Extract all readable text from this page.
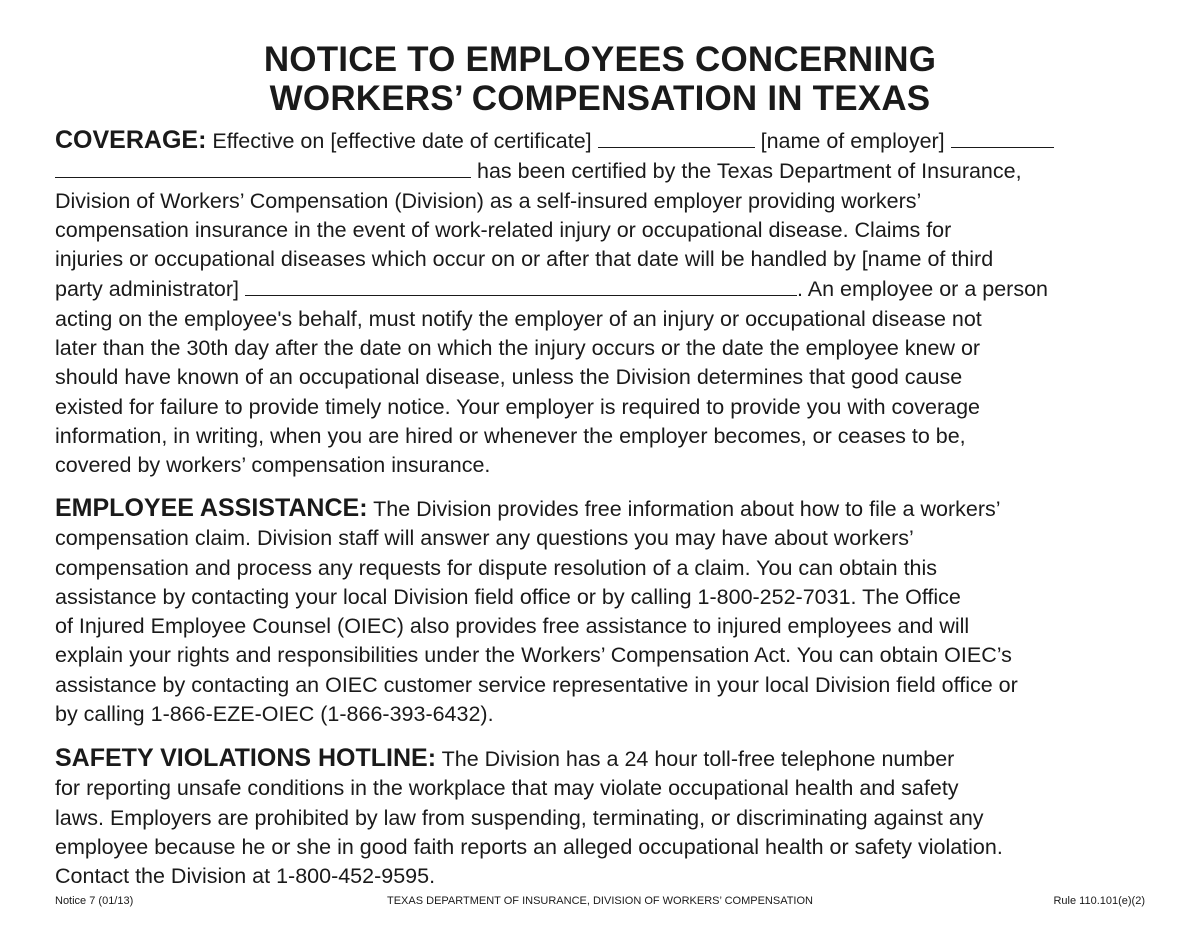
NOTICE TO EMPLOYEES CONCERNING
WORKERS’ COMPENSATION IN TEXAS

COVERAGE: Effective on [effective date of certificate]	[name of employer]
has been certified by the Texas Department of Insurance,
Division of Workers’ Compensation (Division) as a self-insured employer providing workers’
compensation insurance in the event of work-related injury or occupational disease. Claims for
injuries or occupational diseases which occur on or after that date will be handled by [name of third
party administrator]	. An employee or a person
acting on the employee's behalf, must notify the employer of an injury or occupational disease not
later than the 30th day after the date on which the injury occurs or the date the employee knew or
should have known of an occupational disease, unless the Division determines that good cause
existed for failure to provide timely notice. Your employer is required to provide you with coverage
information, in writing, when you are hired or whenever the employer becomes, or ceases to be,
covered by workers’ compensation insurance.

EMPLOYEE ASSISTANCE: The Division provides free information about how to file a workers’
compensation claim. Division staff will answer any questions you may have about workers’
compensation and process any requests for dispute resolution of a claim. You can obtain this
assistance by contacting your local Division field office or by calling 1-800-252-7031. The Office
of Injured Employee Counsel (OIEC) also provides free assistance to injured employees and will
explain your rights and responsibilities under the Workers’ Compensation Act. You can obtain OIEC’s
assistance by contacting an OIEC customer service representative in your local Division field office or
by calling 1-866-EZE-OIEC (1-866-393-6432).

SAFETY VIOLATIONS HOTLINE: The Division has a 24 hour toll-free telephone number
for reporting unsafe conditions in the workplace that may violate occupational health and safety
laws. Employers are prohibited by law from suspending, terminating, or discriminating against any
employee because he or she in good faith reports an alleged occupational health or safety violation.
Contact the Division at 1-800-452-9595.

Notice 7 (01/13)	TEXAS DEPARTMENT OF INSURANCE, DIVISION OF WORKERS’ COMPENSATION	Rule 110.101(e)(2)
